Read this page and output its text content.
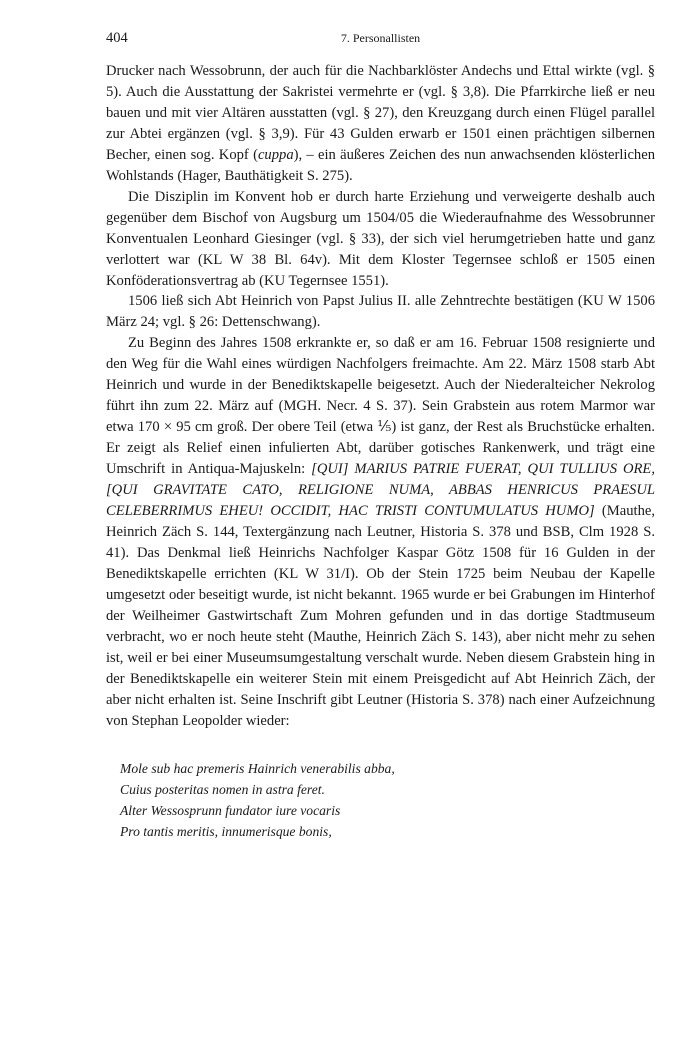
404	7. Personallisten

Drucker nach Wessobrunn, der auch für die Nachbarklöster Andechs und Ettal wirkte (vgl. § 5). Auch die Ausstattung der Sakristei vermehrte er (vgl. § 3,8). Die Pfarrkirche ließ er neu bauen und mit vier Altären ausstatten (vgl. § 27), den Kreuzgang durch einen Flügel parallel zur Abtei ergänzen (vgl. § 3,9). Für 43 Gulden erwarb er 1501 einen prächtigen silbernen Becher, einen sog. Kopf (cuppa), – ein äußeres Zeichen des nun anwachsenden klösterlichen Wohlstands (Hager, Bauthätigkeit S. 275).

Die Disziplin im Konvent hob er durch harte Erziehung und verweigerte deshalb auch gegenüber dem Bischof von Augsburg um 1504/05 die Wiederaufnahme des Wessobrunner Konventualen Leonhard Giesinger (vgl. § 33), der sich viel herumgetrieben hatte und ganz verlottert war (KL W 38 Bl. 64v). Mit dem Kloster Tegernsee schloß er 1505 einen Konföderationsvertrag ab (KU Tegernsee 1551).

1506 ließ sich Abt Heinrich von Papst Julius II. alle Zehntrechte bestätigen (KU W 1506 März 24; vgl. § 26: Dettenschwang).

Zu Beginn des Jahres 1508 erkrankte er, so daß er am 16. Februar 1508 resignierte und den Weg für die Wahl eines würdigen Nachfolgers freimachte. Am 22. März 1508 starb Abt Heinrich und wurde in der Benediktskapelle beigesetzt. Auch der Niederalteicher Nekrolog führt ihn zum 22. März auf (MGH. Necr. 4 S. 37). Sein Grabstein aus rotem Marmor war etwa 170 × 95 cm groß. Der obere Teil (etwa ⅕) ist ganz, der Rest als Bruchstücke erhalten. Er zeigt als Relief einen infulierten Abt, darüber gotisches Rankenwerk, und trägt eine Umschrift in Antiqua-Majuskeln: [QUI] MARIUS PATRIE FUERAT, QUI TULLIUS ORE, [QUI GRAVITATE CATO, RELIGIONE NUMA, ABBAS HENRICUS PRAESUL CELEBERRIMUS EHEU! OCCIDIT, HAC TRISTI CONTUMULATUS HUMO] (Mauthe, Heinrich Zäch S. 144, Textergänzung nach Leutner, Historia S. 378 und BSB, Clm 1928 S. 41). Das Denkmal ließ Heinrichs Nachfolger Kaspar Götz 1508 für 16 Gulden in der Benediktskapelle errichten (KL W 31/I). Ob der Stein 1725 beim Neubau der Kapelle umgesetzt oder beseitigt wurde, ist nicht bekannt. 1965 wurde er bei Grabungen im Hinterhof der Weilheimer Gastwirtschaft Zum Mohren gefunden und in das dortige Stadtmuseum verbracht, wo er noch heute steht (Mauthe, Heinrich Zäch S. 143), aber nicht mehr zu sehen ist, weil er bei einer Museumsumgestaltung verschalt wurde. Neben diesem Grabstein hing in der Benediktskapelle ein weiterer Stein mit einem Preisgedicht auf Abt Heinrich Zäch, der aber nicht erhalten ist. Seine Inschrift gibt Leutner (Historia S. 378) nach einer Aufzeichnung von Stephan Leopolder wieder:

Mole sub hac premeris Hainrich venerabilis abba,
Cuius posteritas nomen in astra feret.
Alter Wessosprunn fundator iure vocaris
Pro tantis meritis, innumerisque bonis,
